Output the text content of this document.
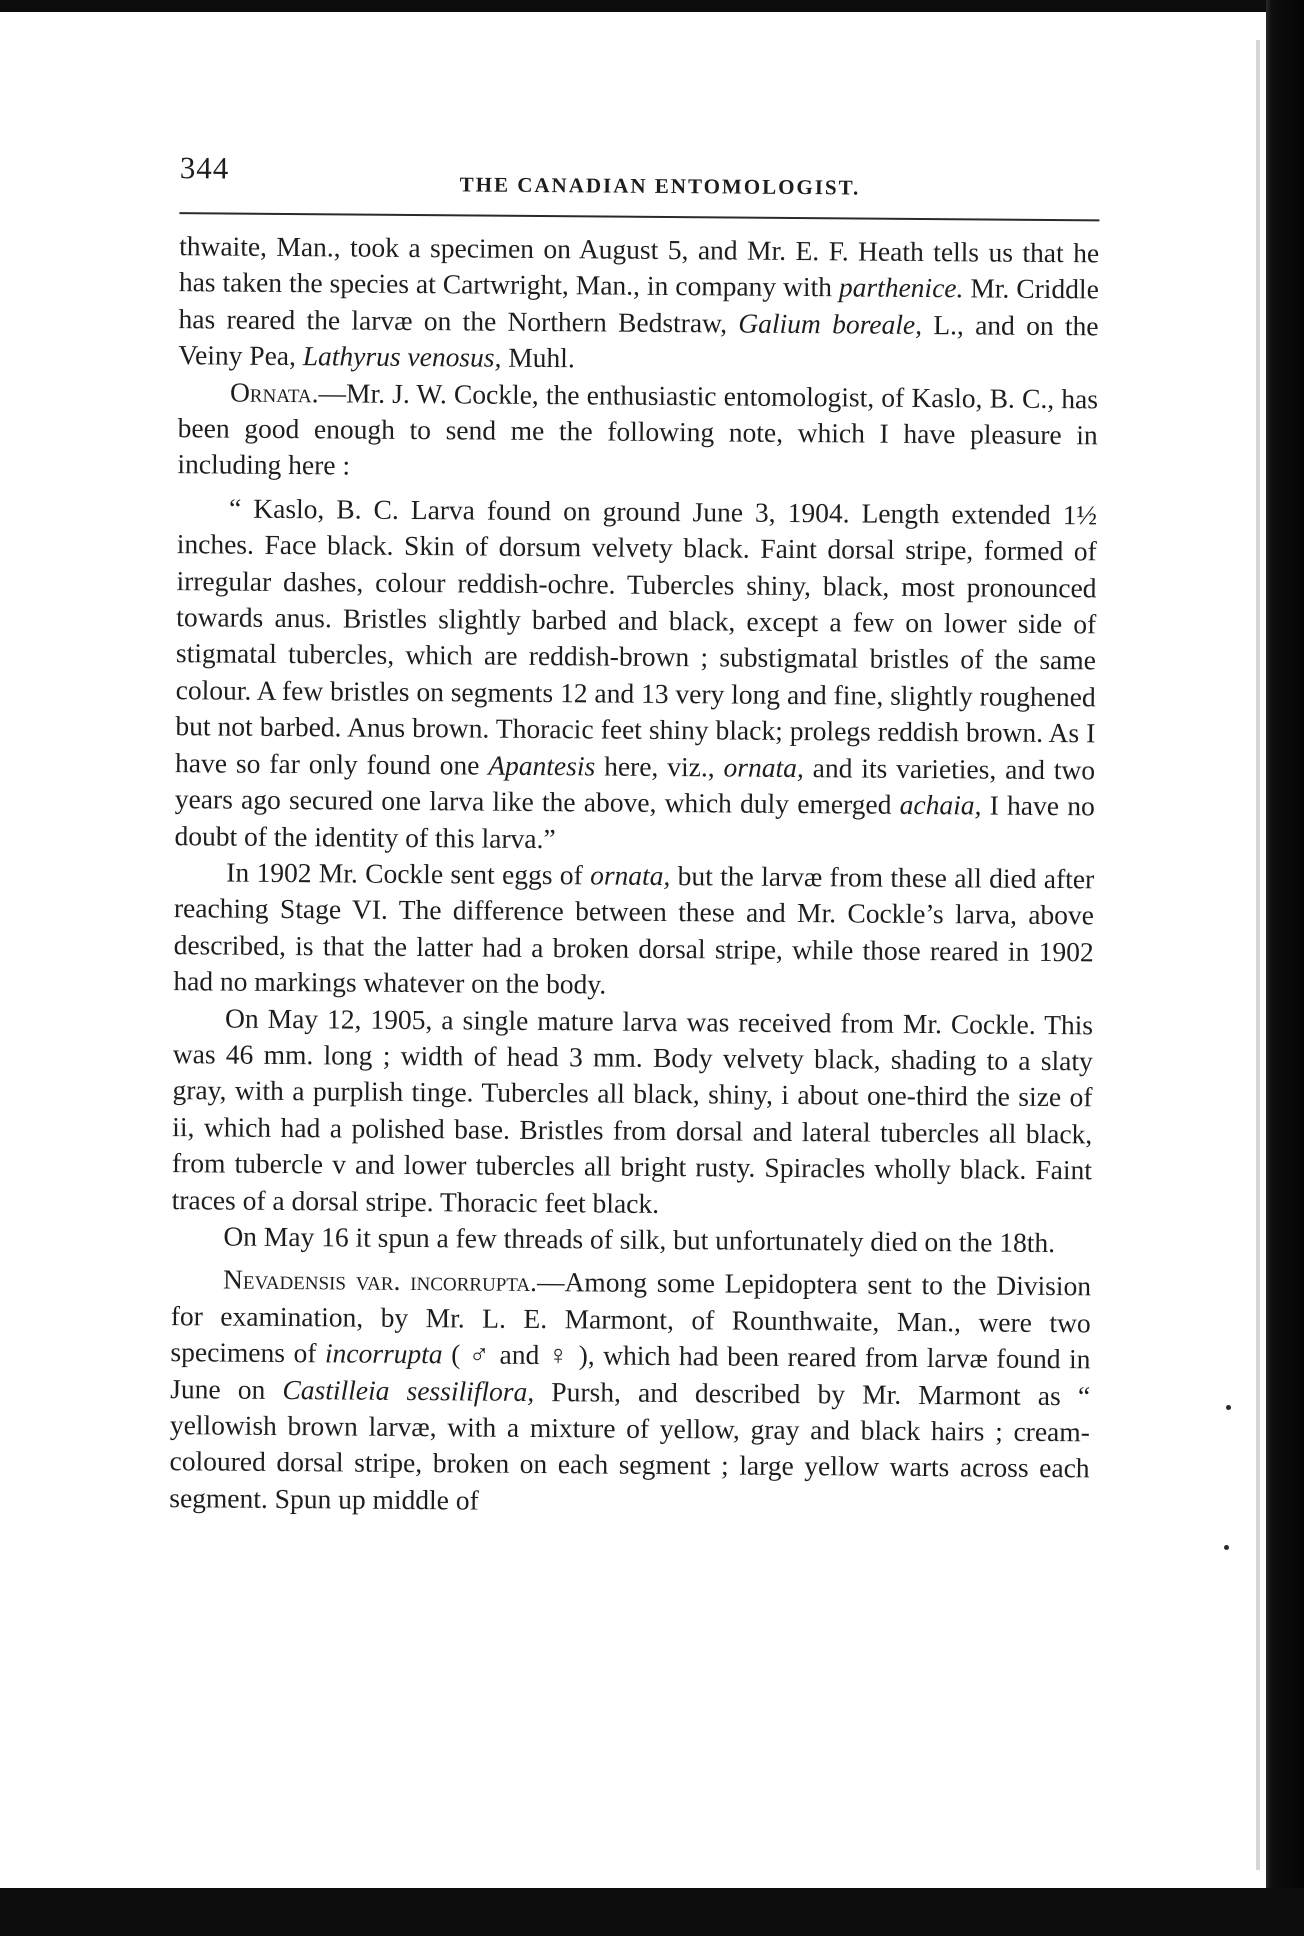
344
THE CANADIAN ENTOMOLOGIST.

thwaite, Man., took a specimen on August 5, and Mr. E. F. Heath tells us that he has taken the species at Cartwright, Man., in company with parthenice. Mr. Criddle has reared the larvæ on the Northern Bedstraw, Galium boreale, L., and on the Veiny Pea, Lathyrus venosus, Muhl.

Ornata.—Mr. J. W. Cockle, the enthusiastic entomologist, of Kaslo, B. C., has been good enough to send me the following note, which I have pleasure in including here :

“ Kaslo, B. C. Larva found on ground June 3, 1904. Length extended 1½ inches. Face black. Skin of dorsum velvety black. Faint dorsal stripe, formed of irregular dashes, colour reddish-ochre. Tubercles shiny, black, most pronounced towards anus. Bristles slightly barbed and black, except a few on lower side of stigmatal tubercles, which are reddish-brown ; substigmatal bristles of the same colour. A few bristles on segments 12 and 13 very long and fine, slightly roughened but not barbed. Anus brown. Thoracic feet shiny black; prolegs reddish brown. As I have so far only found one Apantesis here, viz., ornata, and its varieties, and two years ago secured one larva like the above, which duly emerged achaia, I have no doubt of the identity of this larva.”

In 1902 Mr. Cockle sent eggs of ornata, but the larvæ from these all died after reaching Stage VI. The difference between these and Mr. Cockle’s larva, above described, is that the latter had a broken dorsal stripe, while those reared in 1902 had no markings whatever on the body.

On May 12, 1905, a single mature larva was received from Mr. Cockle. This was 46 mm. long ; width of head 3 mm. Body velvety black, shading to a slaty gray, with a purplish tinge. Tubercles all black, shiny, i about one-third the size of ii, which had a polished base. Bristles from dorsal and lateral tubercles all black, from tubercle v and lower tubercles all bright rusty. Spiracles wholly black. Faint traces of a dorsal stripe. Thoracic feet black.

On May 16 it spun a few threads of silk, but unfortunately died on the 18th.

Nevadensis var. incorrupta.—Among some Lepidoptera sent to the Division for examination, by Mr. L. E. Marmont, of Rounthwaite, Man., were two specimens of incorrupta ( ♂ and ♀ ), which had been reared from larvæ found in June on Castilleia sessiliflora, Pursh, and described by Mr. Marmont as “ yellowish brown larvæ, with a mixture of yellow, gray and black hairs ; cream-coloured dorsal stripe, broken on each segment ; large yellow warts across each segment. Spun up middle of
